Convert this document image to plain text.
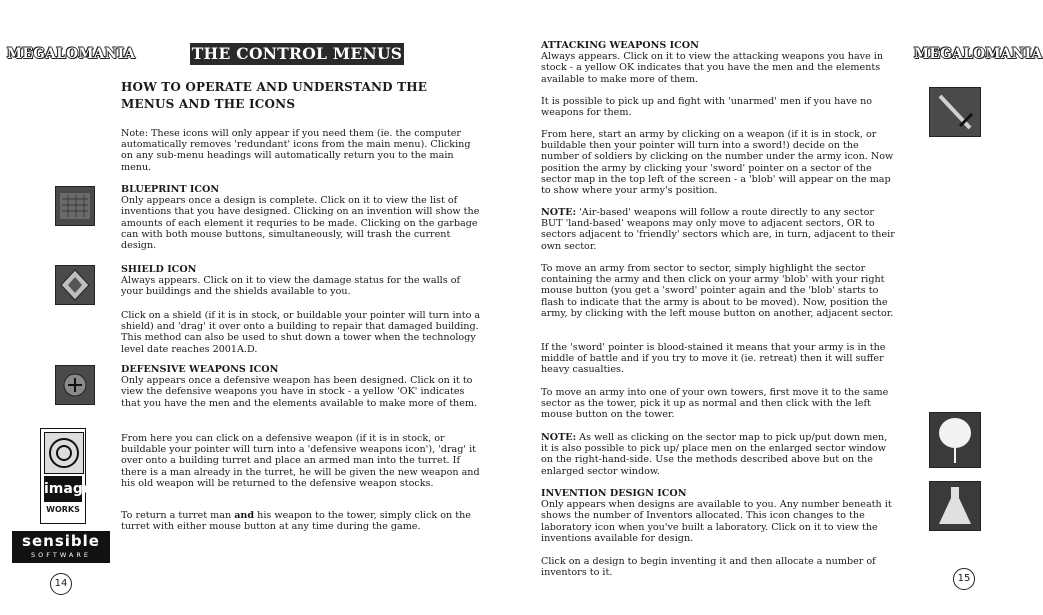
MEGALOMANIA	THE CONTROL MENUS
HOW TO OPERATE AND UNDERSTAND THE
MENUS AND THE ICONS
Note: These icons will only appear if you need them (ie. the computer automatically removes 'redundant' icons from the main menu). Clicking on any sub-menu headings will automatically return you to the main menu.
BLUEPRINT ICON
Only appears once a design is complete. Click on it to view the list of inventions that you have designed. Clicking on an invention will show the amounts of each element it requries to be made. Clicking on the garbage can with both mouse buttons, simultaneously, will trash the current design.
SHIELD ICON
Always appears. Click on it to view the damage status for the walls of your buildings and the shields available to you.
Click on a shield (if it is in stock, or buildable your pointer will turn into a shield) and 'drag' it over onto a building to repair that damaged building. This method can also be used to shut down a tower when the technology level date reaches 2001A.D.
DEFENSIVE WEAPONS ICON
Only appears once a defensive weapon has been designed. Click on it to view the defensive weapons you have in stock - a yellow 'OK' indicates that you have the men and the elements available to make more of them.
From here you can click on a defensive weapon (if it is in stock, or buildable your pointer will turn into a 'defensive weapons icon'), 'drag' it over onto a building turret and place an armed man into the turret. If there is a man already in the turret, he will be given the new weapon and his old weapon will be returned to the defensive weapon stocks.
To return a turret man and his weapon to the tower, simply click on the turret with either mouse button at any time during the game.
image
WORKS
sensible
SOFTWARE
14
MEGALOMANIA
ATTACKING WEAPONS ICON
Always appears. Click on it to view the attacking weapons you have in stock - a yellow OK indicates that you have the men and the elements available to make more of them.
It is possible to pick up and fight with 'unarmed' men if you have no weapons for them.
From here, start an army by clicking on a weapon (if it is in stock, or buildable then your pointer will turn into a sword!) decide on the number of soldiers by clicking on the number under the army icon. Now position the army by clicking your 'sword' pointer on a sector of the sector map in the top left of the screen - a 'blob' will appear on the map to show where your army's position.
NOTE: 'Air-based' weapons will follow a route directly to any sector BUT 'land-based' weapons may only move to adjacent sectors, OR to sectors adjacent to 'friendly' sectors which are, in turn, adjacent to their own sector.
To move an army from sector to sector, simply highlight the sector containing the army and then click on your army 'blob' with your right mouse button (you get a 'sword' pointer again and the 'blob' starts to flash to indicate that the army is about to be moved). Now, position the army, by clicking with the left mouse button on another, adjacent sector.
If the 'sword' pointer is blood-stained it means that your army is in the middle of battle and if you try to move it (ie. retreat) then it will suffer heavy casualties.
To move an army into one of your own towers, first move it to the same sector as the tower, pick it up as normal and then click with the left mouse button on the tower.
NOTE: As well as clicking on the sector map to pick up/put down men, it is also possible to pick up/ place men on the enlarged sector window on the right-hand-side. Use the methods described above but on the enlarged sector window.
INVENTION DESIGN ICON
Only appears when designs are available to you. Any number beneath it shows the number of Inventors allocated. This icon changes to the laboratory icon when you've built a laboratory. Click on it to view the inventions available for design.
Click on a design to begin inventing it and then allocate a number of inventors to it.
15
